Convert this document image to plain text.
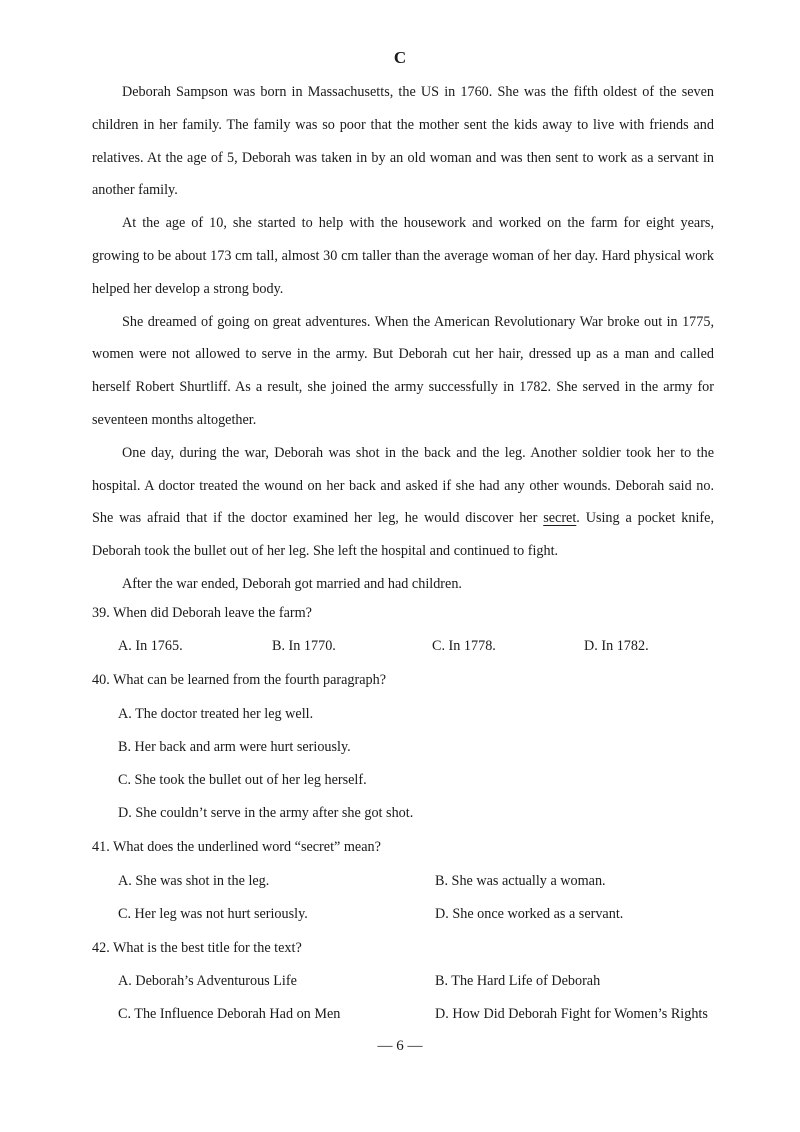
C

Deborah Sampson was born in Massachusetts, the US in 1760. She was the fifth oldest of the seven children in her family. The family was so poor that the mother sent the kids away to live with friends and relatives. At the age of 5, Deborah was taken in by an old woman and was then sent to work as a servant in another family.

At the age of 10, she started to help with the housework and worked on the farm for eight years, growing to be about 173 cm tall, almost 30 cm taller than the average woman of her day. Hard physical work helped her develop a strong body.

She dreamed of going on great adventures. When the American Revolutionary War broke out in 1775, women were not allowed to serve in the army. But Deborah cut her hair, dressed up as a man and called herself Robert Shurtliff. As a result, she joined the army successfully in 1782. She served in the army for seventeen months altogether.

One day, during the war, Deborah was shot in the back and the leg. Another soldier took her to the hospital. A doctor treated the wound on her back and asked if she had any other wounds. Deborah said no. She was afraid that if the doctor examined her leg, he would discover her secret. Using a pocket knife, Deborah took the bullet out of her leg. She left the hospital and continued to fight.

After the war ended, Deborah got married and had children.

39. When did Deborah leave the farm?
A. In 1765.	B. In 1770.	C. In 1778.	D. In 1782.
40. What can be learned from the fourth paragraph?
A. The doctor treated her leg well.
B. Her back and arm were hurt seriously.
C. She took the bullet out of her leg herself.
D. She couldn’t serve in the army after she got shot.
41. What does the underlined word “secret” mean?
A. She was shot in the leg.	B. She was actually a woman.
C. Her leg was not hurt seriously.	D. She once worked as a servant.
42. What is the best title for the text?
A. Deborah’s Adventurous Life	B. The Hard Life of Deborah
C. The Influence Deborah Had on Men	D. How Did Deborah Fight for Women’s Rights
— 6 —
